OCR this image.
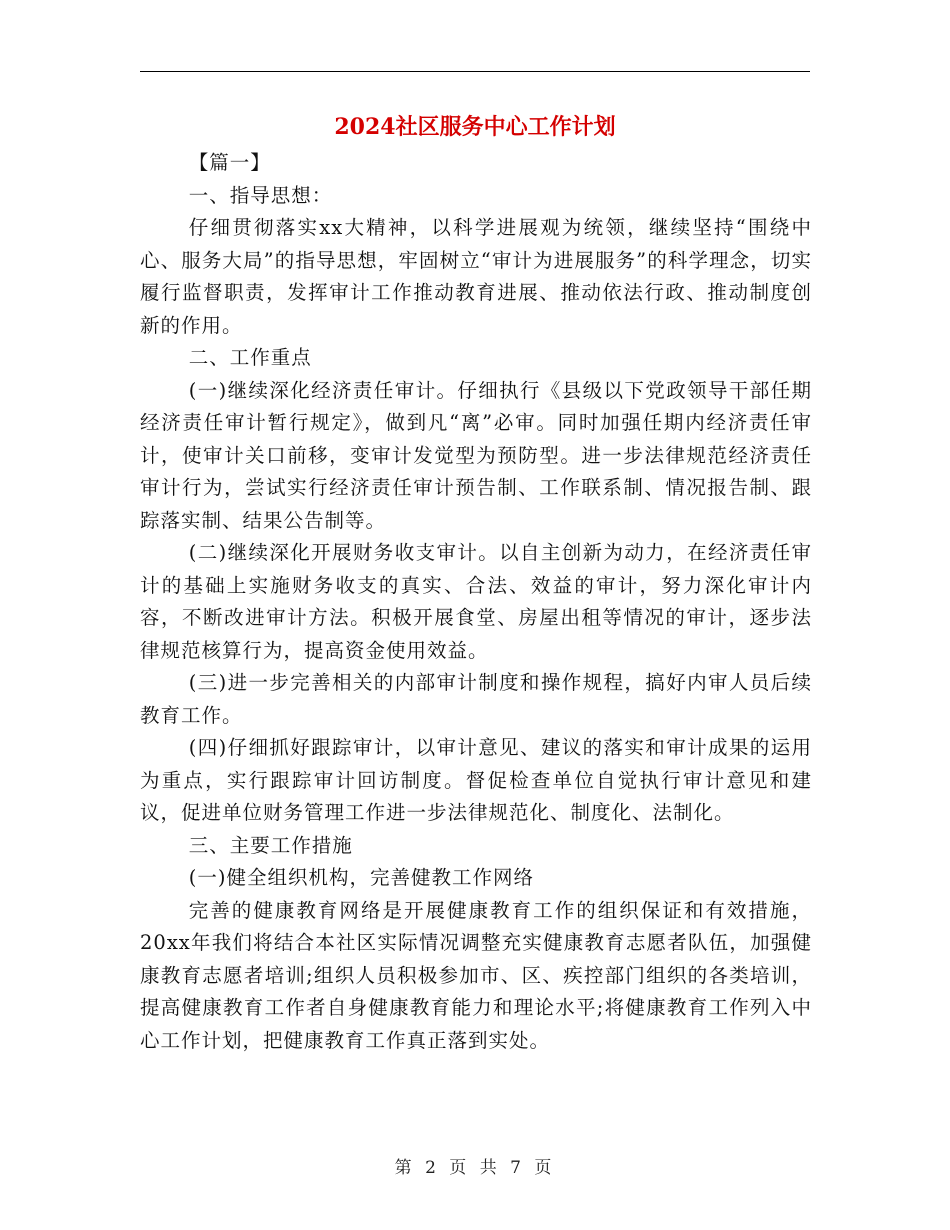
2024社区服务中心工作计划

【篇一】

一、指导思想：

仔细贯彻落实xx大精神，以科学进展观为统领，继续坚持“围绕中心、服务大局”的指导思想，牢固树立“审计为进展服务”的科学理念，切实履行监督职责，发挥审计工作推动教育进展、推动依法行政、推动制度创新的作用。

二、工作重点

(一)继续深化经济责任审计。仔细执行《县级以下党政领导干部任期经济责任审计暂行规定》，做到凡“离”必审。同时加强任期内经济责任审计，使审计关口前移，变审计发觉型为预防型。进一步法律规范经济责任审计行为，尝试实行经济责任审计预告制、工作联系制、情况报告制、跟踪落实制、结果公告制等。

(二)继续深化开展财务收支审计。以自主创新为动力，在经济责任审计的基础上实施财务收支的真实、合法、效益的审计，努力深化审计内容，不断改进审计方法。积极开展食堂、房屋出租等情况的审计，逐步法律规范核算行为，提高资金使用效益。

(三)进一步完善相关的内部审计制度和操作规程，搞好内审人员后续教育工作。

(四)仔细抓好跟踪审计，以审计意见、建议的落实和审计成果的运用为重点，实行跟踪审计回访制度。督促检查单位自觉执行审计意见和建议，促进单位财务管理工作进一步法律规范化、制度化、法制化。

三、主要工作措施

(一)健全组织机构，完善健教工作网络

完善的健康教育网络是开展健康教育工作的组织保证和有效措施，20xx年我们将结合本社区实际情况调整充实健康教育志愿者队伍，加强健康教育志愿者培训;组织人员积极参加市、区、疾控部门组织的各类培训，提高健康教育工作者自身健康教育能力和理论水平;将健康教育工作列入中心工作计划，把健康教育工作真正落到实处。

第 2 页 共 7 页
